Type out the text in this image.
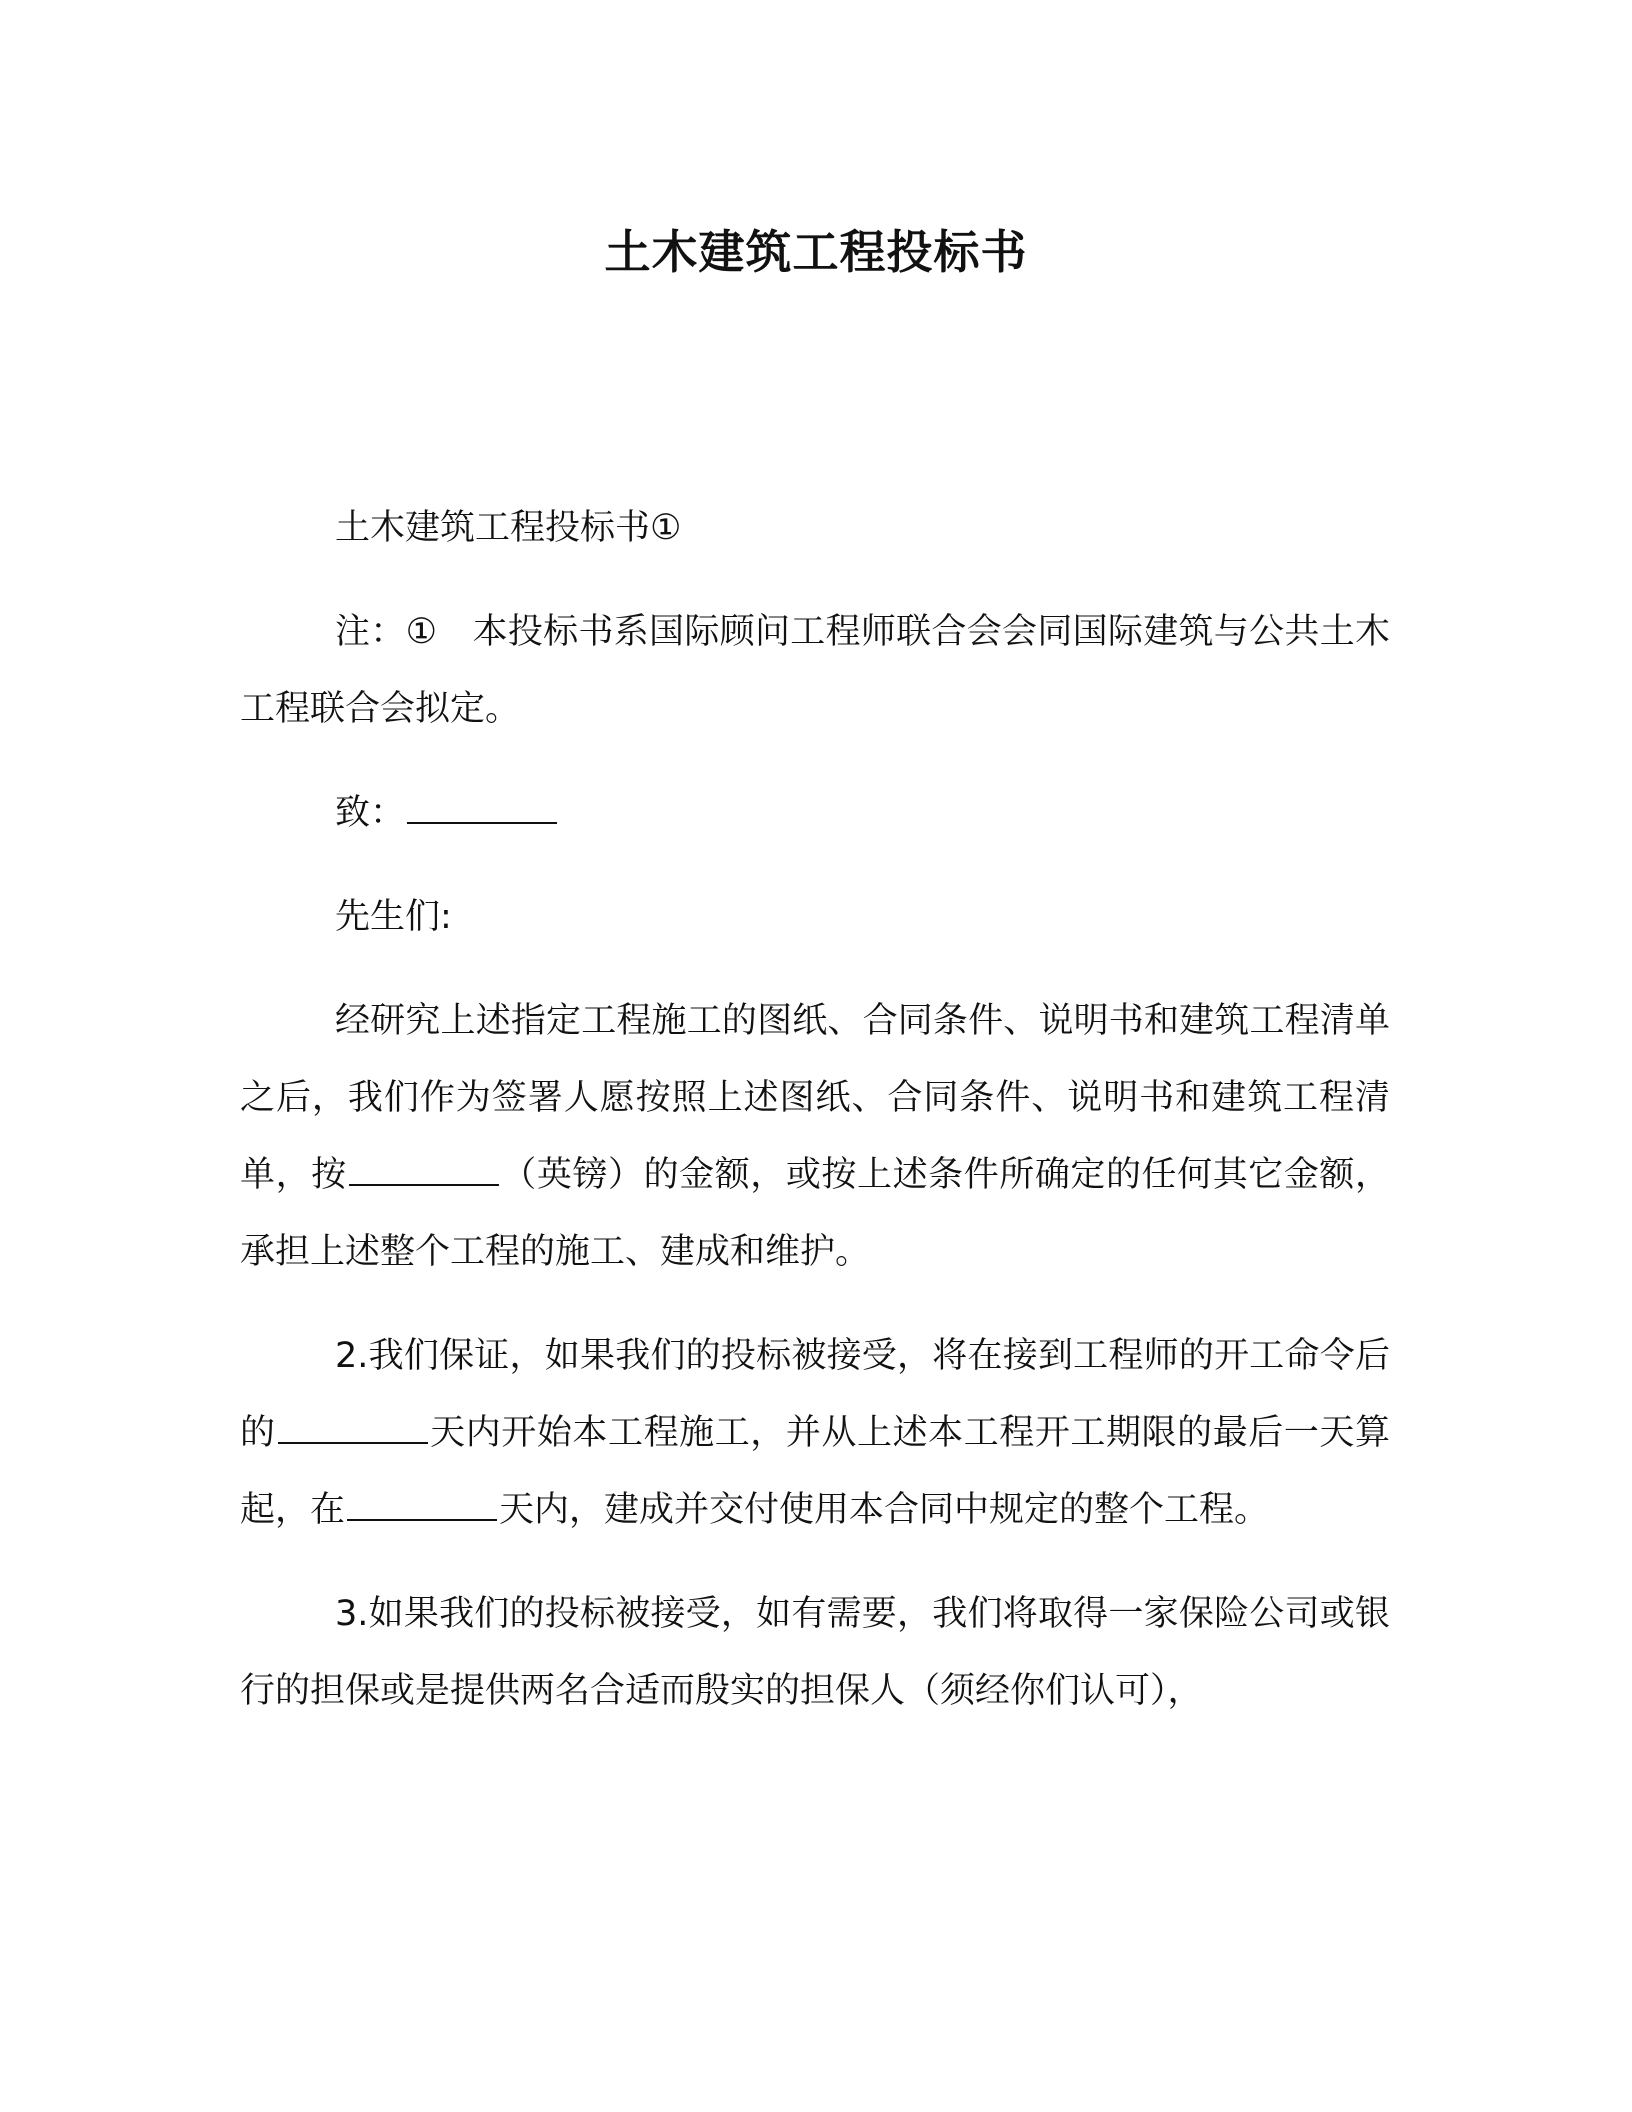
土木建筑工程投标书

土木建筑工程投标书①

注：①　本投标书系国际顾问工程师联合会会同国际建筑与公共土木工程联合会拟定。

致：

先生们:

经研究上述指定工程施工的图纸、合同条件、说明书和建筑工程清单之后，我们作为签署人愿按照上述图纸、合同条件、说明书和建筑工程清单，按	（英镑）的金额，或按上述条件所确定的任何其它金额，承担上述整个工程的施工、建成和维护。

2.我们保证，如果我们的投标被接受，将在接到工程师的开工命令后的	天内开始本工程施工，并从上述本工程开工期限的最后一天算起，在	天内，建成并交付使用本合同中规定的整个工程。

3.如果我们的投标被接受，如有需要，我们将取得一家保险公司或银行的担保或是提供两名合适而殷实的担保人（须经你们认可），
